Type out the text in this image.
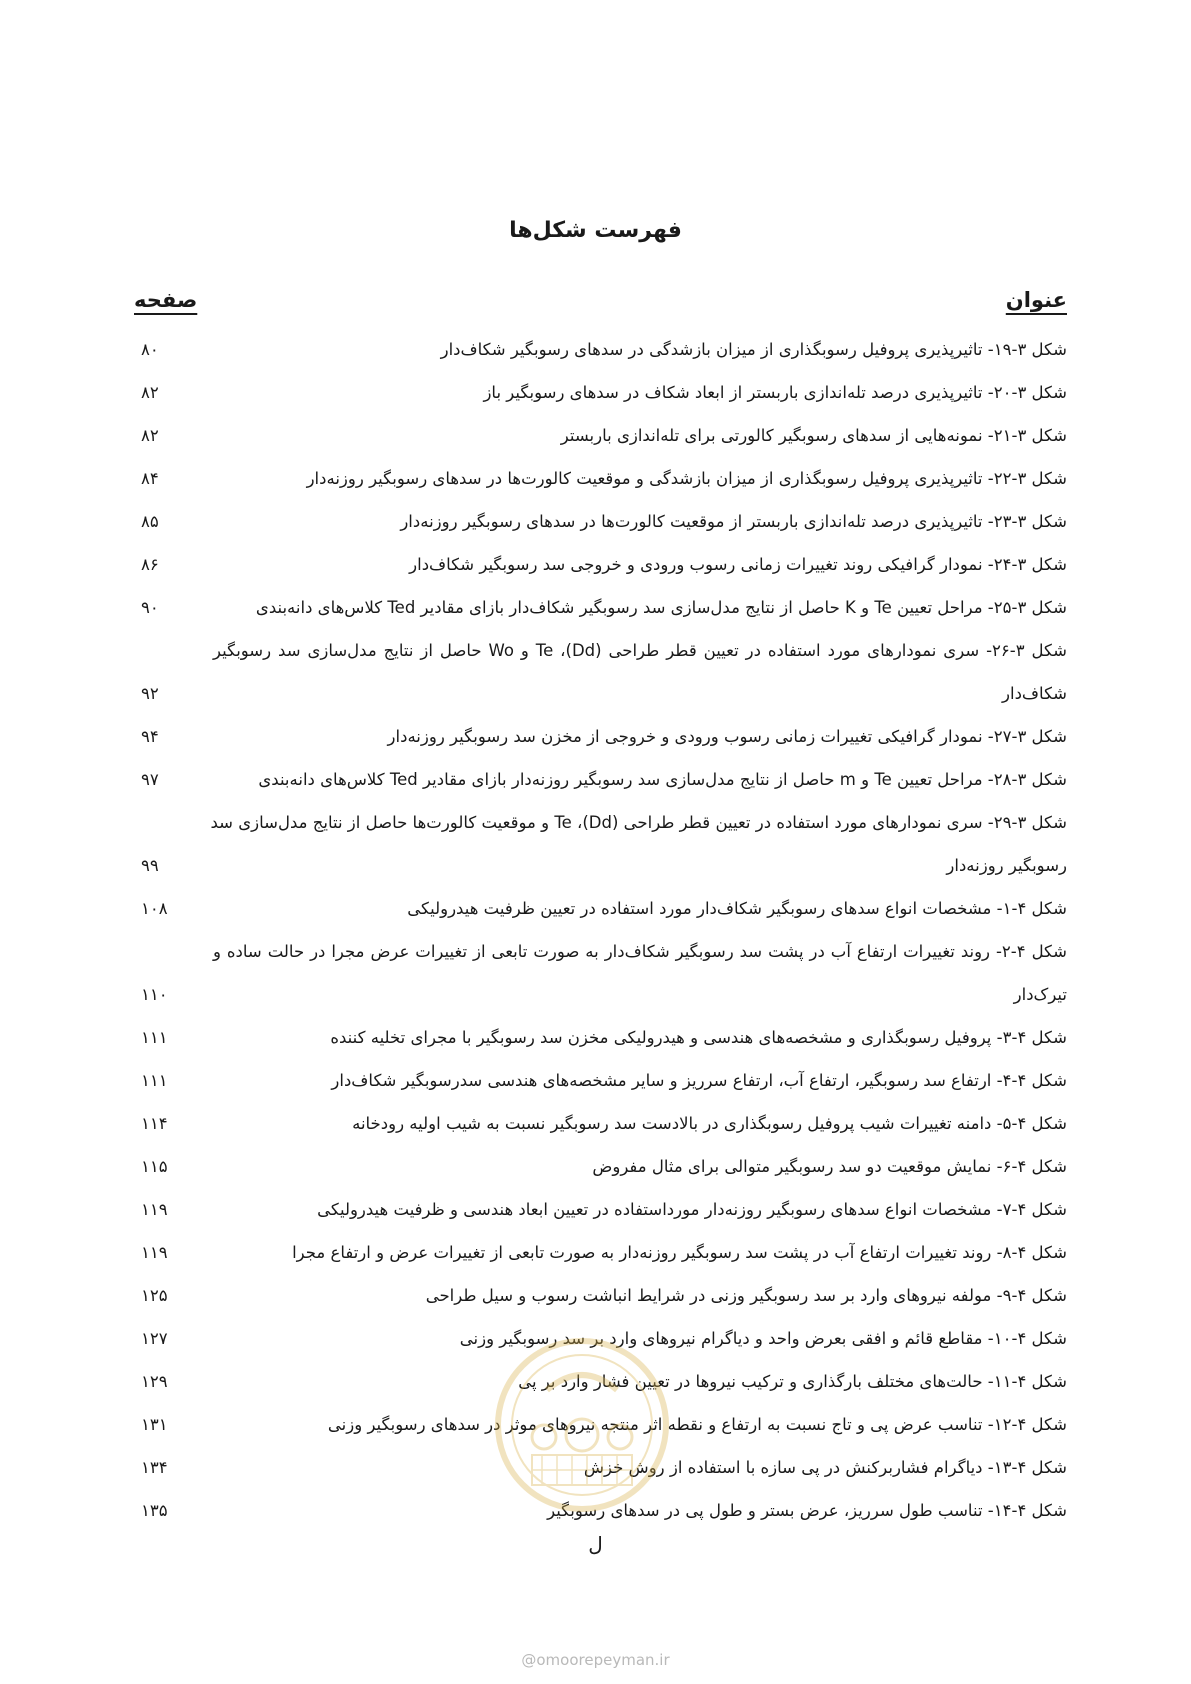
فهرست شکل‌ها
عنوان
صفحه
شکل ۳-۱۹- تاثیرپذیری پروفیل رسوبگذاری از میزان بازشدگی در سدهای رسوبگیر شکاف‌دار
۸۰
شکل ۳-۲۰- تاثیرپذیری درصد تله‌اندازی باربستر از ابعاد شکاف در سدهای رسوبگیر باز
۸۲
شکل ۳-۲۱- نمونه‌هایی از سدهای رسوبگیر کالورتی برای تله‌اندازی باربستر
۸۲
شکل ۳-۲۲- تاثیرپذیری پروفیل رسوبگذاری از میزان بازشدگی و موقعیت کالورت‌ها در سدهای رسوبگیر روزنه‌دار
۸۴
شکل ۳-۲۳- تاثیرپذیری درصد تله‌اندازی باربستر از موقعیت کالورت‌ها در سدهای رسوبگیر روزنه‌دار
۸۵
شکل ۳-۲۴- نمودار گرافیکی روند تغییرات زمانی رسوب ورودی و خروجی سد رسوبگیر شکاف‌دار
۸۶
شکل ۳-۲۵- مراحل تعیین Te و K حاصل از نتایج مدل‌سازی سد رسوبگیر شکاف‌دار بازای مقادیر Ted کلاس‌های دانه‌بندی
۹۰
شکل ۳-۲۶- سری نمودارهای مورد استفاده در تعیین قطر طراحی (Dd)، Te و Wo حاصل از نتایج مدل‌سازی سد رسوبگیر
شکاف‌دار
۹۲
شکل ۳-۲۷- نمودار گرافیکی تغییرات زمانی رسوب ورودی و خروجی از مخزن سد رسوبگیر روزنه‌دار
۹۴
شکل ۳-۲۸- مراحل تعیین Te و m حاصل از نتایج مدل‌سازی سد رسوبگیر روزنه‌دار بازای مقادیر Ted کلاس‌های دانه‌بندی
۹۷
شکل ۳-۲۹- سری نمودارهای مورد استفاده در تعیین قطر طراحی (Dd)، Te و موقعیت کالورت‌ها حاصل از نتایج مدل‌سازی سد
رسوبگیر روزنه‌دار
۹۹
شکل ۴-۱- مشخصات انواع سدهای رسوبگیر شکاف‌دار مورد استفاده در تعیین ظرفیت هیدرولیکی
۱۰۸
شکل ۴-۲- روند تغییرات ارتفاع آب در پشت سد رسوبگیر شکاف‌دار به صورت تابعی از تغییرات عرض مجرا در حالت ساده و
تیرک‌دار
۱۱۰
شکل ۴-۳- پروفیل رسوبگذاری و مشخصه‌های هندسی و هیدرولیکی مخزن سد رسوبگیر با مجرای تخلیه کننده
۱۱۱
شکل ۴-۴- ارتفاع سد رسوبگیر، ارتفاع آب، ارتفاع سرریز و سایر مشخصه‌های هندسی سدرسوبگیر شکاف‌دار
۱۱۱
شکل ۴-۵- دامنه تغییرات شیب پروفیل رسوبگذاری در بالادست سد رسوبگیر نسبت به شیب اولیه رودخانه
۱۱۴
شکل ۴-۶- نمایش موقعیت دو سد رسوبگیر متوالی برای مثال مفروض
۱۱۵
شکل ۴-۷- مشخصات انواع سدهای رسوبگیر روزنه‌دار مورداستفاده در تعیین ابعاد هندسی و ظرفیت هیدرولیکی
۱۱۹
شکل ۴-۸- روند تغییرات ارتفاع آب در پشت سد رسوبگیر روزنه‌دار به صورت تابعی از تغییرات عرض و ارتفاع مجرا
۱۱۹
شکل ۴-۹- مولفه نیروهای وارد بر سد رسوبگیر وزنی در شرایط انباشت رسوب و سیل طراحی
۱۲۵
شکل ۴-۱۰- مقاطع قائم و افقی بعرض واحد و دیاگرام نیروهای وارد بر سد رسوبگیر وزنی
۱۲۷
شکل ۴-۱۱- حالت‌های مختلف بارگذاری و ترکیب نیروها در تعیین فشار وارد بر پی
۱۲۹
شکل ۴-۱۲- تناسب عرض پی و تاج نسبت به ارتفاع و نقطه اثر منتجه نیروهای موثر در سدهای رسوبگیر وزنی
۱۳۱
شکل ۴-۱۳- دیاگرام فشاربرکنش در پی سازه با استفاده از روش خزش
۱۳۴
شکل ۴-۱۴- تناسب طول سرریز، عرض بستر و طول پی در سدهای رسوبگیر
۱۳۵
ل
@omoorepeyman.ir
